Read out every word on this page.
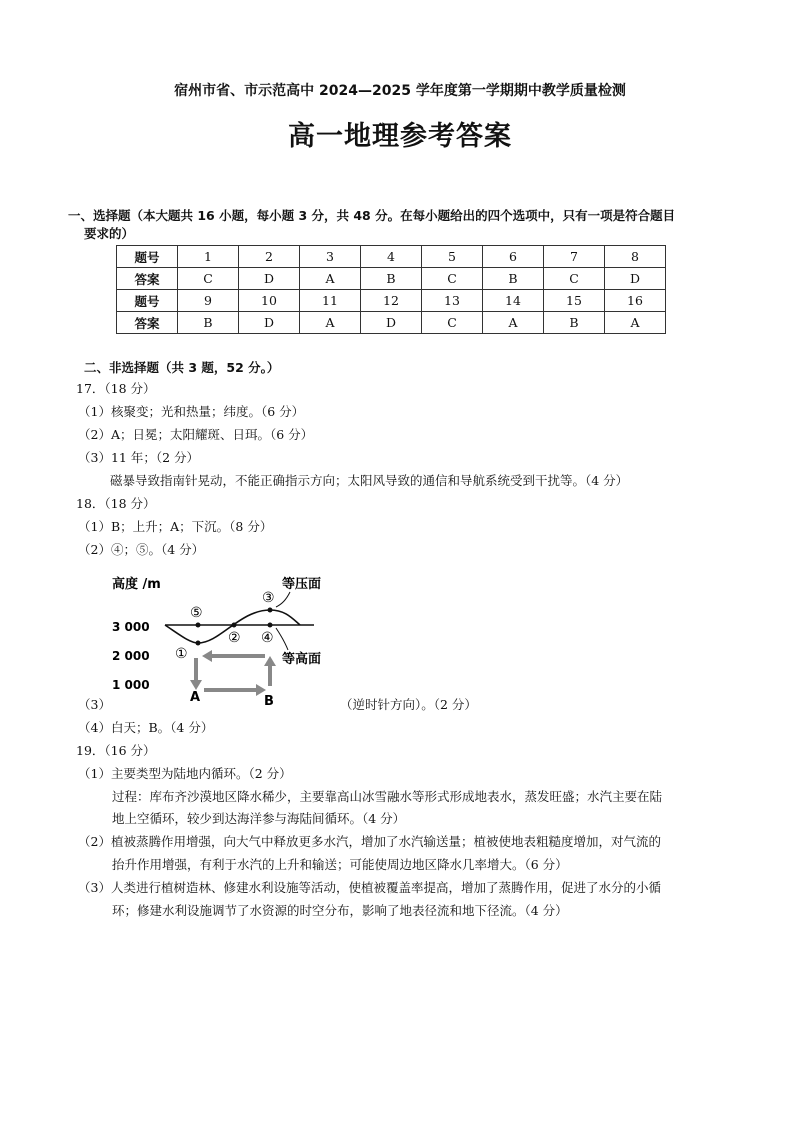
宿州市省、市示范高中 2024—2025 学年度第一学期期中教学质量检测
高一地理参考答案
一、选择题（本大题共 16 小题，每小题 3 分，共 48 分。在每小题给出的四个选项中，只有一项是符合题目
要求的）
题号	1	2	3	4	5	6	7	8
答案	C	D	A	B	C	B	C	D
题号	9	10	11	12	13	14	15	16
答案	B	D	A	D	C	A	B	A
二、非选择题（共 3 题，52 分。）
17．（18 分）
（1）核聚变；光和热量；纬度。（6 分）
（2）A；日冕；太阳耀斑、日珥。（6 分）
（3）11 年；（2 分）
磁暴导致指南针晃动，不能正确指示方向；太阳风导致的通信和导航系统受到干扰等。（4 分）
18．（18 分）
（1）B；上升；A；下沉。（8 分）
（2）④；⑤。（4 分）
高度 /m
3 000
2 000
1 000
⑤
③
② ④
①
等压面
等高面
A	B
（3）	（逆时针方向）。（2 分）
（4）白天；B。（4 分）
19．（16 分）
（1）主要类型为陆地内循环。（2 分）
过程：库布齐沙漠地区降水稀少，主要靠高山冰雪融水等形式形成地表水，蒸发旺盛；水汽主要在陆
地上空循环，较少到达海洋参与海陆间循环。（4 分）
（2）植被蒸腾作用增强，向大气中释放更多水汽，增加了水汽输送量；植被使地表粗糙度增加，对气流的
抬升作用增强，有利于水汽的上升和输送；可能使周边地区降水几率增大。（6 分）
（3）人类进行植树造林、修建水利设施等活动，使植被覆盖率提高，增加了蒸腾作用，促进了水分的小循
环；修建水利设施调节了水资源的时空分布，影响了地表径流和地下径流。（4 分）
